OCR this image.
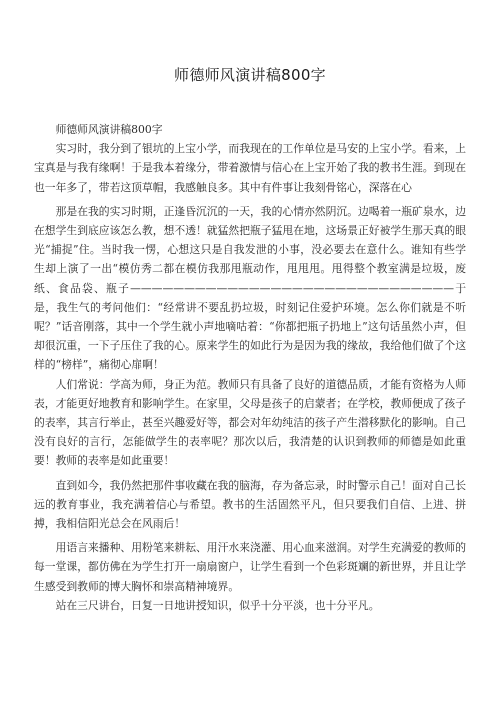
师德师风演讲稿800字

师德师风演讲稿800字

实习时，我分到了银坑的上宝小学，而我现在的工作单位是马安的上宝小学。看来，上宝真是与我有缘啊！于是我本着缘分，带着激情与信心在上宝开始了我的教书生涯。到现在也一年多了，带若这顶草帽，我感触良多。其中有件事让我刻骨铭心，深落在心

那是在我的实习时期，正逢昏沉沉的一天，我的心情亦然阴沉。边喝着一瓶矿泉水，边在想学生到底应该怎么教，想不透！就猛然把瓶子猛甩在地，这场景正好被学生那天真的眼光“捕捉”住。当时我一愣，心想这只是自我发泄的小事，没必要去在意什么。谁知有些学生却上演了一出“模仿秀二都在模仿我那甩瓶动作，甩甩甩。甩得整个教室满是垃圾，废纸、食品袋、瓶子——————————————————————————————于是，我生气的考问他们：“经常讲不要乱扔垃圾，时刻记住爱护环境。怎么你们就是不听呢？”话音刚落，其中一个学生就小声地嘀咕着：“你都把瓶子扔地上”这句话虽然小声，但却很沉重，一下子压住了我的心。原来学生的如此行为是因为我的缘故，我给他们做了个这样的“榜样”，痛彻心扉啊！

人们常说：学高为师，身正为范。教师只有具备了良好的道德品质，才能有资格为人师表，才能更好地教育和影响学生。在家里，父母是孩子的启蒙者；在学校，教师便成了孩子的表率，其言行举止，甚至兴趣爱好等，都会对年幼纯洁的孩子产生潜移默化的影响。自己没有良好的言行，怎能做学生的表率呢？那次以后，我清楚的认识到教师的师德是如此重要！教师的表率是如此重要！

直到如今，我仍然把那件事收藏在我的脑海，存为备忘录，时时警示自己！面对自己长远的教育事业，我充满着信心与希望。教书的生活固然平凡，但只要我们自信、上进、拼搏，我相信阳光总会在风雨后！

用语言来播种、用粉笔来耕耘、用汗水来浇灌、用心血来滋润。对学生充满爱的教师的每一堂课，都仿佛在为学生打开一扇扇窗户，让学生看到一个色彩斑斓的新世界，并且让学生感受到教师的博大胸怀和崇高精神境界。

站在三尺讲台，日复一日地讲授知识，似乎十分平淡，也十分平凡。
